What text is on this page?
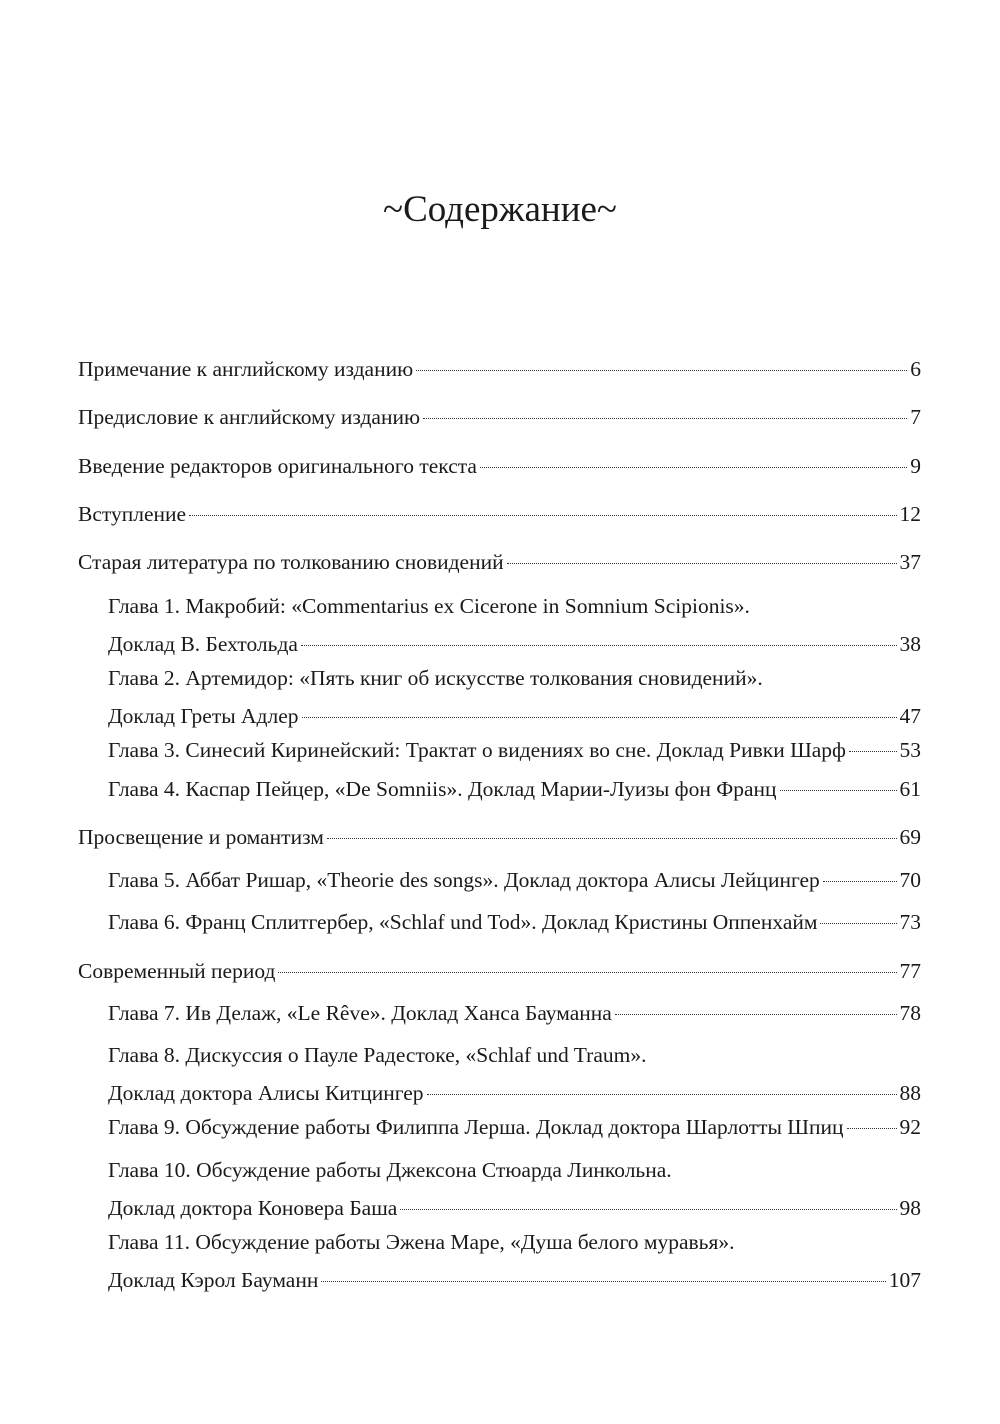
~Содержание~
Примечание к английскому изданию	6
Предисловие к английскому изданию	7
Введение редакторов оригинального текста	9
Вступление	12
Старая литература по толкованию сновидений	37
Глава 1. Макробий: «Commentarius ex Cicerone in Somnium Scipionis».
Доклад В. Бехтольда	38
Глава 2. Артемидор: «Пять книг об искусстве толкования сновидений».
Доклад Греты Адлер	47
Глава 3. Синесий Киринейский: Трактат о видениях во сне. Доклад Ривки Шарф 53
Глава 4. Каспар Пейцер, «De Somniis». Доклад Марии-Луизы фон Франц	61
Просвещение и романтизм	69
Глава 5. Аббат Ришар, «Theorie des songs». Доклад доктора Алисы Лейцингер	70
Глава 6. Франц Сплитгербер, «Schlaf und Tod». Доклад Кристины Оппенхайм	73
Современный период	77
Глава 7. Ив Делаж, «Le Rêve». Доклад Ханса Бауманна	78
Глава 8. Дискуссия о Пауле Радестоке, «Schlaf und Traum».
Доклад доктора Алисы Китцингер	88
Глава 9. Обсуждение работы Филиппа Лерша. Доклад доктора Шарлотты Шпиц	92
Глава 10. Обсуждение работы Джексона Стюарда Линкольна.
Доклад доктора Коновера Баша	98
Глава 11. Обсуждение работы Эжена Маре, «Душа белого муравья».
Доклад Кэрол Бауманн	107
